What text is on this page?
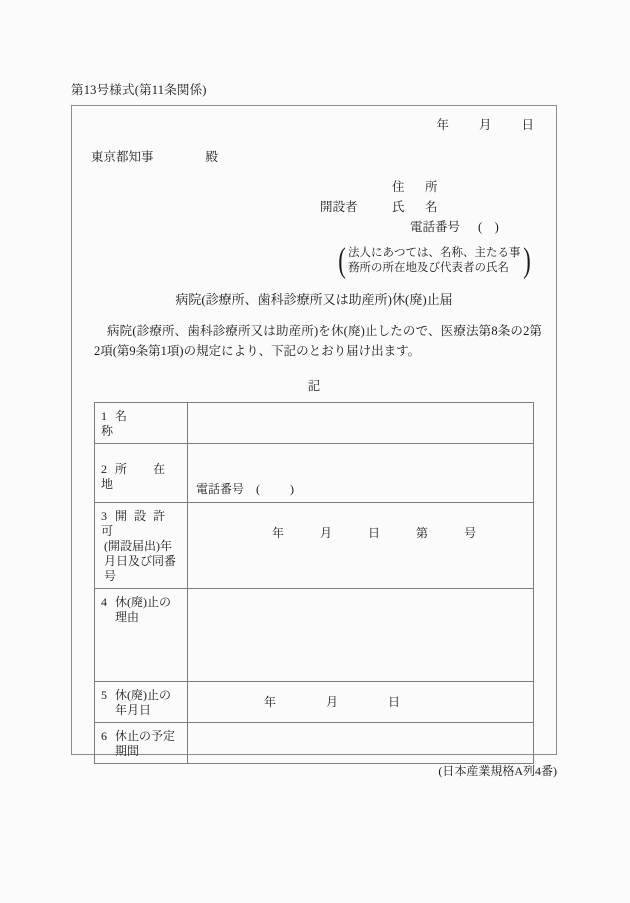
第13号様式(第11条関係)
年 月 日
東京都知事	殿
住　所
開設者	氏　名
電話番号 (　)
( 法人にあつては、名称、主たる事
務所の所在地及び代表者の氏名 )
病院(診療所、歯科診療所又は助産所)休(廃)止届
病院(診療所、歯科診療所又は助産所)を休(廃)止したので、医療法第8条の2第2項(第9条第1項)の規定により、下記のとおり届け出ます。
記
1 名　称	

2 所　在　地	電話番号 (　)

3 開 設 許 可
(開設届出)年
月日及び同番
号	年 月 日 第 号

4 休(廃)止の
理由	

5 休(廃)止の
年月日	年 月 日

6 休止の予定
期間	

(日本産業規格A列4番)
